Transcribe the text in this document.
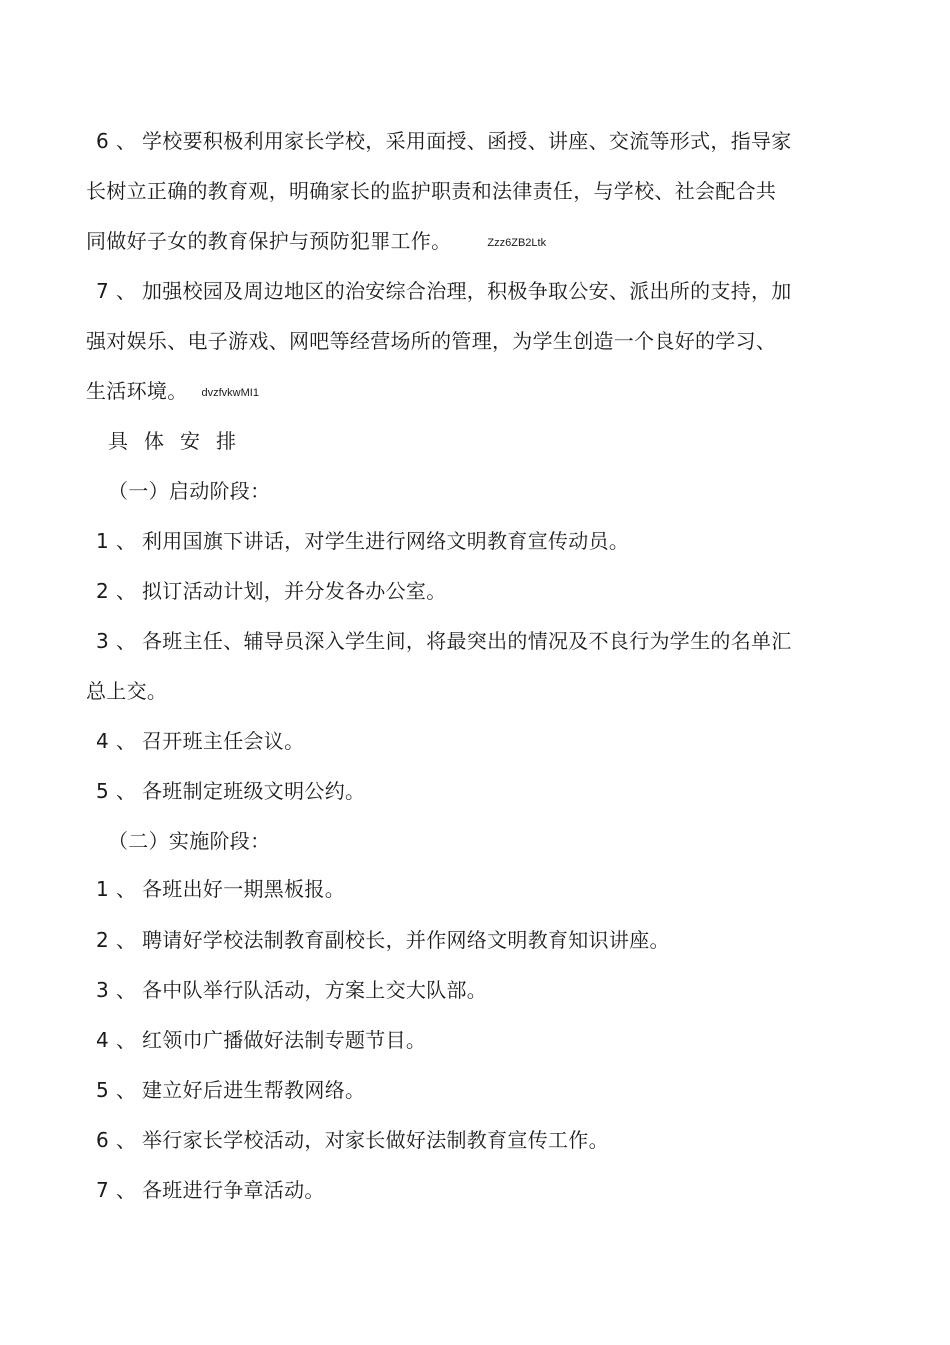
6 、 学校要积极利用家长学校，采用面授、函授、讲座、交流等形式，指导家
长树立正确的教育观，明确家长的监护职责和法律责任，与学校、社会配合共
同做好子女的教育保护与预防犯罪工作。	Zzz6ZB2Ltk
7 、 加强校园及周边地区的治安综合治理，积极争取公安、派出所的支持，加
强对娱乐、电子游戏、网吧等经营场所的管理，为学生创造一个良好的学习、
生活环境。 dvzfvkwMI1
具体安排
（一）启动阶段：
1 、 利用国旗下讲话，对学生进行网络文明教育宣传动员。
2 、 拟订活动计划，并分发各办公室。
3 、 各班主任、辅导员深入学生间，将最突出的情况及不良行为学生的名单汇
总上交。
4 、 召开班主任会议。
5 、 各班制定班级文明公约。
（二）实施阶段：
1 、 各班出好一期黑板报。
2 、 聘请好学校法制教育副校长，并作网络文明教育知识讲座。
3 、 各中队举行队活动，方案上交大队部。
4 、 红领巾广播做好法制专题节目。
5 、 建立好后进生帮教网络。
6 、 举行家长学校活动，对家长做好法制教育宣传工作。
7 、 各班进行争章活动。
